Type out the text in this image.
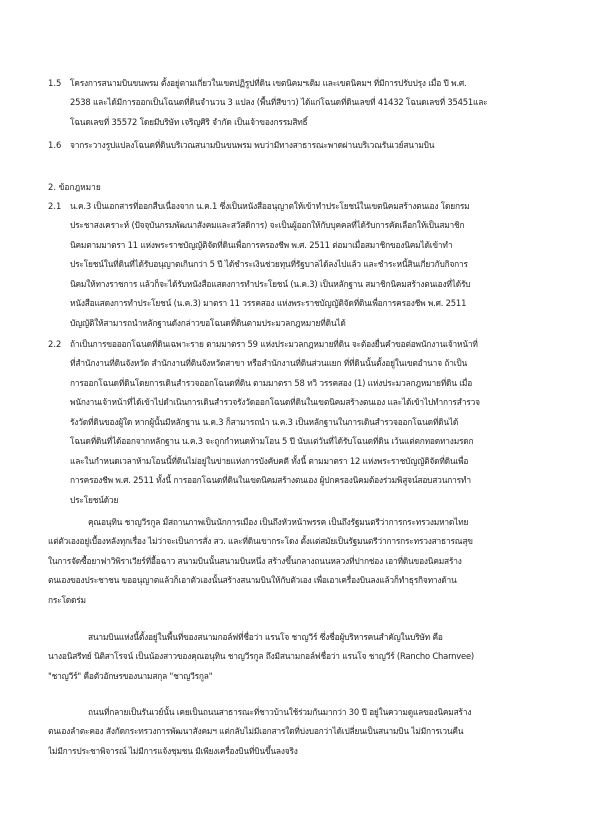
1.5 โครงการสนามบินขนพรม ตั้งอยู่ตามเกี่ยวในเขตปฏิรูปที่ดิน เขตนิคมฯเดิม และเขตนิคมฯ ที่มีการปรับปรุง เมื่อ ปี พ.ศ.
2538 และได้มีการออกเป็นโฉนดที่ดินจำนวน 3 แปลง (พื้นที่สีขาว) ได้แก่โฉนดที่ดินเลขที่ 41432 โฉนดเลขที่ 35451และ
โฉนดเลขที่ 35572 โดยมีบริษัท เจริญศิริ จำกัด เป็นเจ้าของกรรมสิทธิ์
1.6 จากระวางรูปแปลงโฉนดที่ดินบริเวณสนามบินขนพรม พบว่ามีทางสาธารณะพาดผ่านบริเวณรันเวย์สนามบิน
2. ข้อกฎหมาย
2.1 น.ค.3 เป็นเอกสารที่ออกสืบเนื่องจาก น.ค.1 ซึ่งเป็นหนังสืออนุญาตให้เข้าทำประโยชน์ในเขตนิคมสร้างตนเอง โดยกรม
ประชาสงเคราะห์ (ปัจจุบันกรมพัฒนาสังคมและสวัสดิการ) จะเป็นผู้ออกให้กับบุคคลที่ได้รับการคัดเลือกให้เป็นสมาชิก
นิคมตามมาตรา 11 แห่งพระราชบัญญัติจัดที่ดินเพื่อการครองชีพ พ.ศ. 2511 ต่อมาเมื่อสมาชิกของนิคมได้เข้าทำ
ประโยชน์ในที่ดินที่ได้รับอนุญาตเกินกว่า 5 ปี ได้ชำระเงินช่วยทุนที่รัฐบาลได้ลงไปแล้ว และชำระหนี้สินเกี่ยวกับกิจการ
นิคมให้ทางราชการ แล้วก็จะได้รับหนังสือแสดงการทำประโยชน์ (น.ค.3) เป็นหลักฐาน สมาชิกนิคมสร้างตนเองที่ได้รับ
หนังสือแสดงการทำประโยชน์ (น.ค.3) มาตรา 11 วรรคสอง แห่งพระราชบัญญัติจัดที่ดินเพื่อการครองชีพ พ.ศ. 2511
บัญญัติให้สามารถนำหลักฐานดังกล่าวขอโฉนดที่ดินตามประมวลกฎหมายที่ดินได้
2.2 ถ้าเป็นการขอออกโฉนดที่ดินเฉพาะราย ตามมาตรา 59 แห่งประมวลกฎหมายที่ดิน จะต้องยื่นคำขอต่อพนักงานเจ้าหน้าที่
ที่สำนักงานที่ดินจังหวัด สำนักงานที่ดินจังหวัดสาขา หรือสำนักงานที่ดินส่วนแยก ที่ที่ดินนั้นตั้งอยู่ในเขตอำนาจ ถ้าเป็น
การออกโฉนดที่ดินโดยการเดินสำรวจออกโฉนดที่ดิน ตามมาตรา 58 ทวิ วรรคสอง (1) แห่งประมวลกฎหมายที่ดิน เมื่อ
พนักงานเจ้าหน้าที่ได้เข้าไปดำเนินการเดินสำรวจรังวัดออกโฉนดที่ดินในเขตนิคมสร้างตนเอง และได้เข้าไปทำการสำรวจ
รังวัดที่ดินของผู้ใด หากผู้นั้นมีหลักฐาน น.ค.3 ก็สามารถนำ น.ค.3 เป็นหลักฐานในการเดินสำรวจออกโฉนดที่ดินได้
โฉนดที่ดินที่ได้ออกจากหลักฐาน น.ค.3 จะถูกกำหนดห้ามโอน 5 ปี นับแต่วันที่ได้รับโฉนดที่ดิน เว้นแต่ตกทอดทางมรดก
และในกำหนดเวลาห้ามโอนนี้ที่ดินไม่อยู่ในข่ายแห่งการบังคับคดี ทั้งนี้ ตามมาตรา 12 แห่งพระราชบัญญัติจัดที่ดินเพื่อ
การครองชีพ พ.ศ. 2511 ทั้งนี้ การออกโฉนดที่ดินในเขตนิคมสร้างตนเอง ผู้ปกครองนิคมต้องร่วมพิสูจน์สอบสวนการทำ
ประโยชน์ด้วย
คุณอนุทิน ชาญวีรกูล มีสถานภาพเป็นนักการเมือง เป็นถึงหัวหน้าพรรค เป็นถึงรัฐมนตรีว่าการกระทรวงมหาดไทย
แต่ตัวเองอยู่เบื้องหลังทุกเรื่อง ไม่ว่าจะเป็นการสั่ง สว. และที่ดินเขากระโดง ตั้งแต่สมัยเป็นรัฐมนตรีว่าการกระทรวงสาธารณสุข
ในการจัดซื้อยาฟาวิพิราเวียร์ที่อื้อฉาว สนามบินนั้นสนามบินหนึ่ง สร้างขึ้นกลางถนนหลวงที่ปากช่อง เอาที่ดินของนิคมสร้าง
ตนเองของประชาชน ขออนุญาตแล้วก็เอาตัวเองนั้นสร้างสนามบินให้กับตัวเอง เพื่อเอาเครื่องบินลงแล้วก็ทำธุรกิจทางด้าน
กระโดดร่ม
สนามบินแห่งนี้ตั้งอยู่ในพื้นที่ของสนามกอล์ฟที่ชื่อว่า แรนโจ ชาญวีร์ ซึ่งชื่อผู้บริหารคนสำคัญในบริษัท คือ
นางอนิสรีทย์ นิติสาโรจน์ เป็นน้องสาวของคุณอนุทิน ชาญวีรกูล ถึงมีสนามกอล์ฟชื่อว่า แรนโจ ชาญวีร์ (Rancho Charnvee)
"ชาญวีร์" คือตัวอักษรของนามสกุล "ชาญวีรกูล"
ถนนที่กลายเป็นรันเวย์นั้น เคยเป็นถนนสาธารณะที่ชาวบ้านใช้ร่วมกันมากว่า 30 ปี อยู่ในความดูแลของนิคมสร้าง
ตนเองลำตะคอง สังกัดกระทรวงการพัฒนาสังคมฯ แต่กลับไม่มีเอกสารใดที่บ่งบอกว่าได้เปลี่ยนเป็นสนามบิน ไม่มีการเวนคืน
ไม่มีการประชาพิจารณ์ ไม่มีการแจ้งชุมชน มีเพียงเครื่องบินที่บินขึ้นลงจริง
